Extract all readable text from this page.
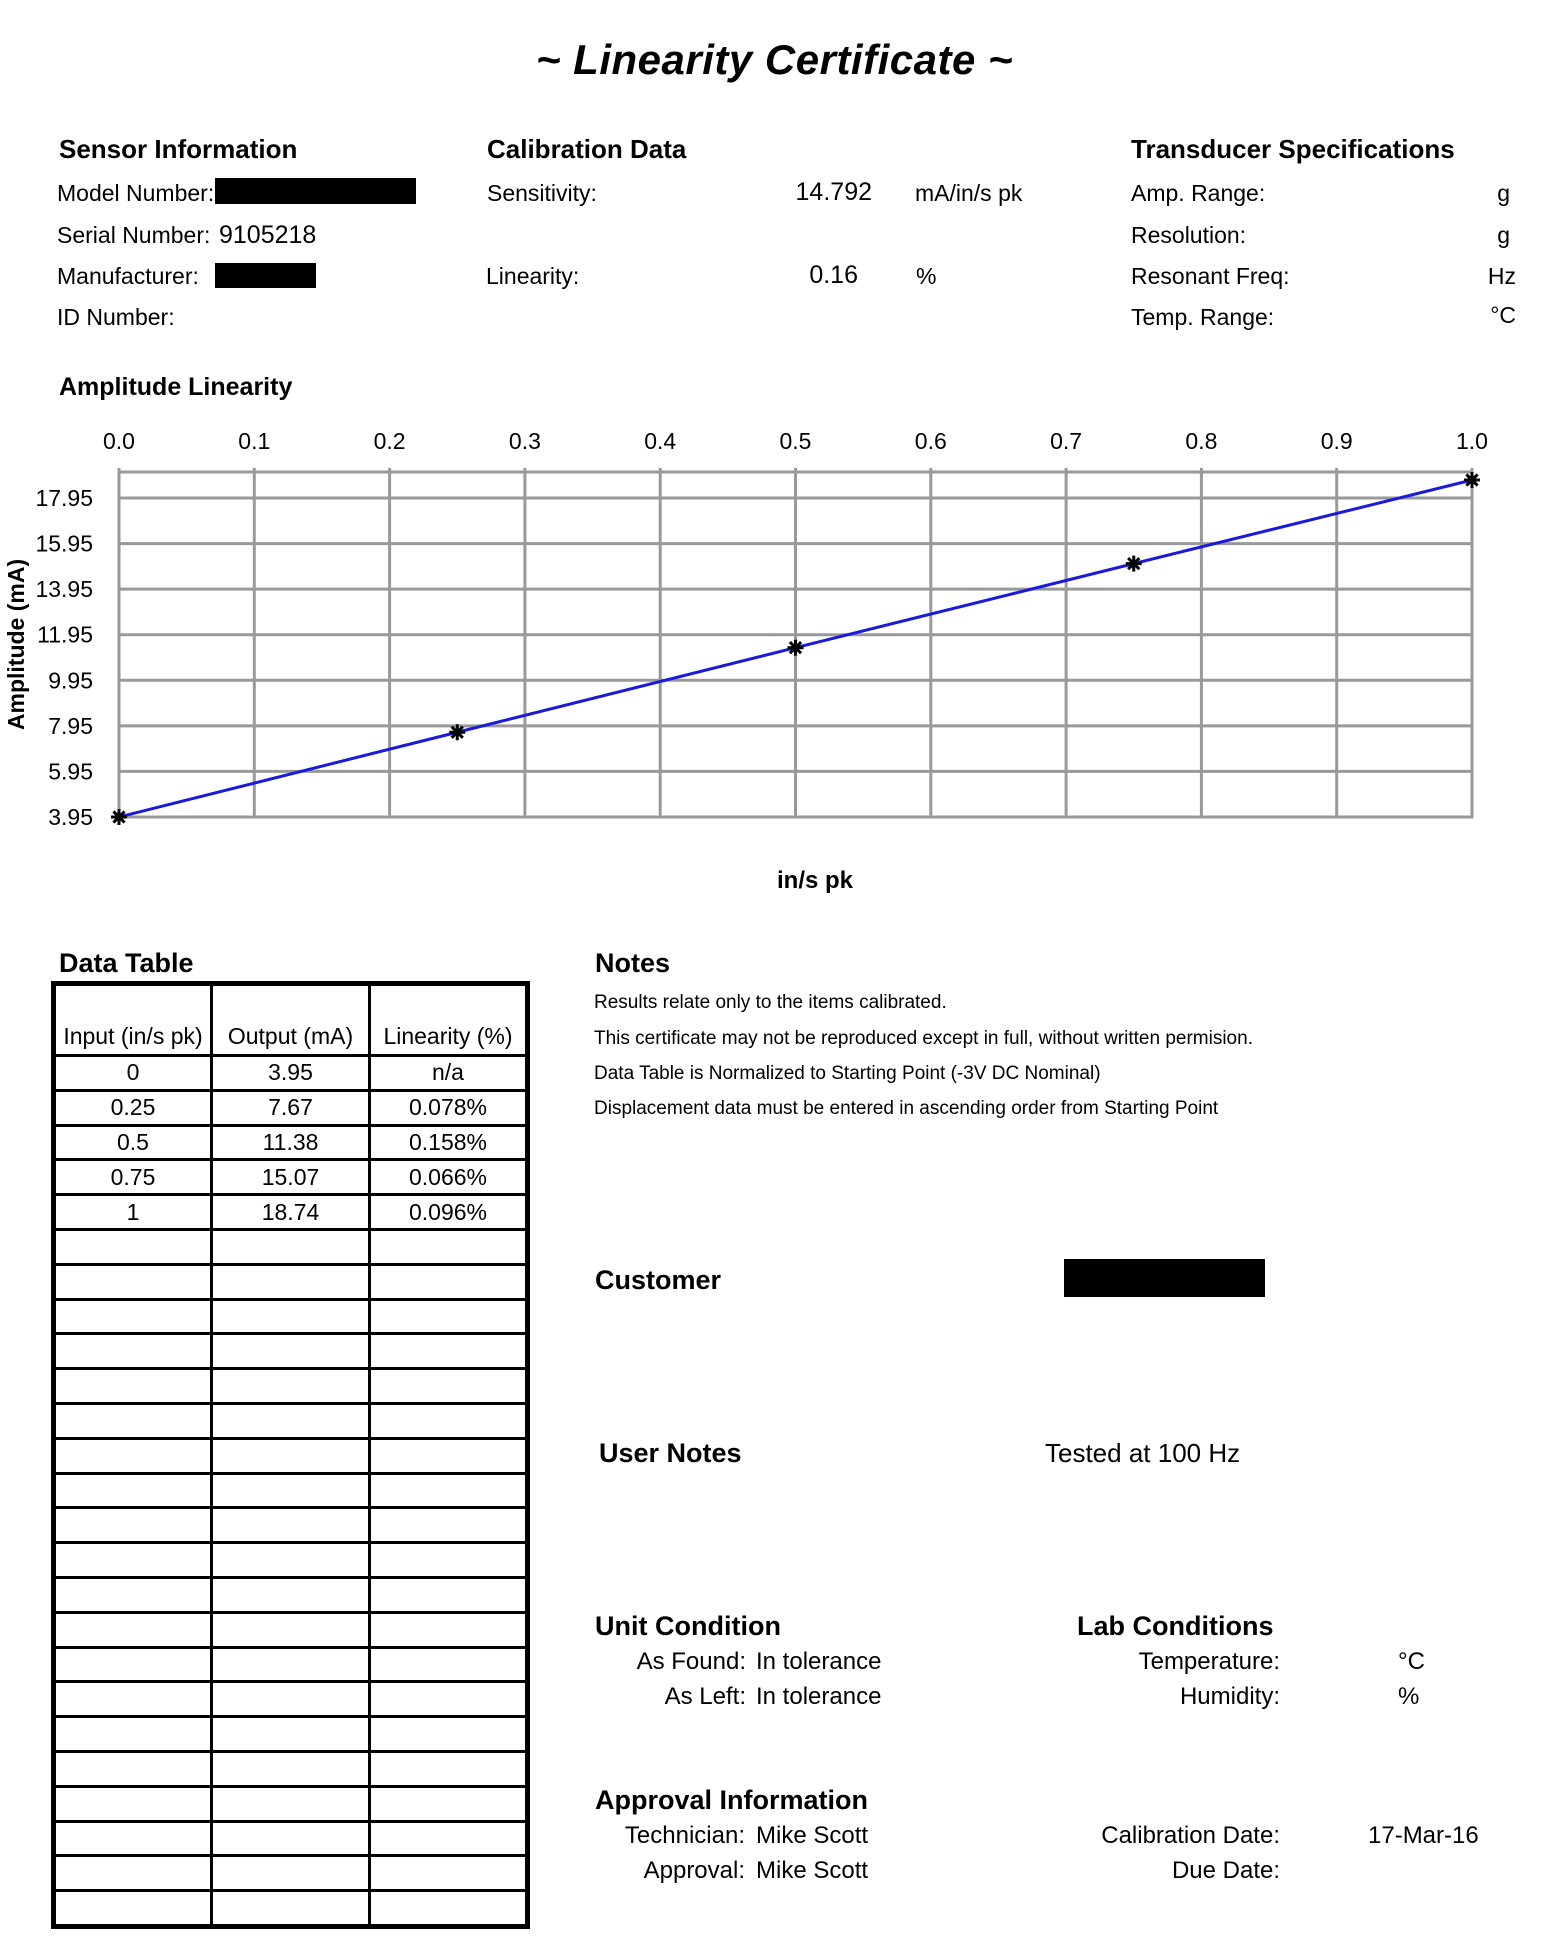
~ Linearity Certificate ~
Sensor Information
Model Number:
Serial Number: 9105218
Manufacturer:
ID Number:
Calibration Data
Sensitivity:	14.792 mA/in/s pk
Linearity:	0.16	%
Transducer Specifications
Amp. Range:	g
Resolution:	g
Resonant Freq:	Hz
Temp. Range:	°C
Amplitude Linearity
0.0	0.1	0.2	0.3	0.4	0.5	0.6	0.7	0.8	0.9	1.0
3.95
5.95
7.95
9.95
11.95
13.95
15.95
17.95
Amplitude (mA)
in/s pk
Data Table
Input (in/s pk)	Output (mA)	Linearity (%)
0	3.95	n/a
0.25	7.67	0.078%
0.5	11.38	0.158%
0.75	15.07	0.066%
1	18.74	0.096%

Notes
Results relate only to the items calibrated.
This certificate may not be reproduced except in full, without written permision.
Data Table is Normalized to Starting Point (-3V DC Nominal)
Displacement data must be entered in ascending order from Starting Point
Customer
User Notes	Tested at 100 Hz
Unit Condition
As Found: In tolerance
As Left: In tolerance
Lab Conditions
Temperature:	°C
Humidity:	%
Approval Information
Technician: Mike Scott
Approval: Mike Scott
Calibration Date:	17-Mar-16
Due Date:
